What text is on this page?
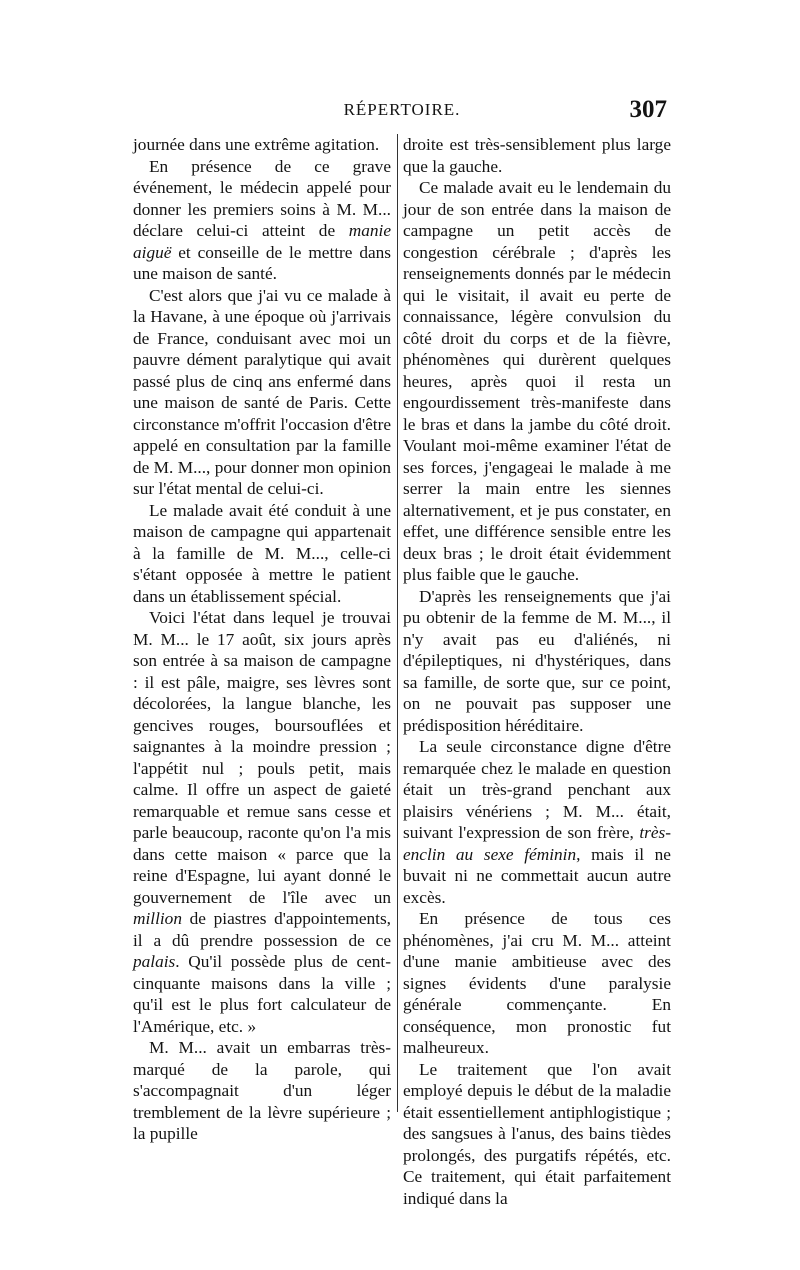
RÉPERTOIRE.	307

journée dans une extrême agitation.

En présence de ce grave événement, le médecin appelé pour donner les premiers soins à M. M... déclare celui-ci atteint de manie aiguë et conseille de le mettre dans une maison de santé.

C'est alors que j'ai vu ce malade à la Havane, à une époque où j'arrivais de France, conduisant avec moi un pauvre dément paralytique qui avait passé plus de cinq ans enfermé dans une maison de santé de Paris. Cette circonstance m'offrit l'occasion d'être appelé en consultation par la famille de M. M..., pour donner mon opinion sur l'état mental de celui-ci.

Le malade avait été conduit à une maison de campagne qui appartenait à la famille de M. M..., celle-ci s'étant opposée à mettre le patient dans un établissement spécial.

Voici l'état dans lequel je trouvai M. M... le 17 août, six jours après son entrée à sa maison de campagne : il est pâle, maigre, ses lèvres sont décolorées, la langue blanche, les gencives rouges, boursouflées et saignantes à la moindre pression ; l'appétit nul ; pouls petit, mais calme. Il offre un aspect de gaieté remarquable et remue sans cesse et parle beaucoup, raconte qu'on l'a mis dans cette maison « parce que la reine d'Espagne, lui ayant donné le gouvernement de l'île avec un million de piastres d'appointements, il a dû prendre possession de ce palais. Qu'il possède plus de cent-cinquante maisons dans la ville ; qu'il est le plus fort calculateur de l'Amérique, etc. »

M. M... avait un embarras très-marqué de la parole, qui s'accompagnait d'un léger tremblement de la lèvre supérieure ; la pupille

droite est très-sensiblement plus large que la gauche.

Ce malade avait eu le lendemain du jour de son entrée dans la maison de campagne un petit accès de congestion cérébrale ; d'après les renseignements donnés par le médecin qui le visitait, il avait eu perte de connaissance, légère convulsion du côté droit du corps et de la fièvre, phénomènes qui durèrent quelques heures, après quoi il resta un engourdissement très-manifeste dans le bras et dans la jambe du côté droit. Voulant moi-même examiner l'état de ses forces, j'engageai le malade à me serrer la main entre les siennes alternativement, et je pus constater, en effet, une différence sensible entre les deux bras ; le droit était évidemment plus faible que le gauche.

D'après les renseignements que j'ai pu obtenir de la femme de M. M..., il n'y avait pas eu d'aliénés, ni d'épileptiques, ni d'hystériques, dans sa famille, de sorte que, sur ce point, on ne pouvait pas supposer une prédisposition héréditaire.

La seule circonstance digne d'être remarquée chez le malade en question était un très-grand penchant aux plaisirs vénériens ; M. M... était, suivant l'expression de son frère, très-enclin au sexe féminin, mais il ne buvait ni ne commettait aucun autre excès.

En présence de tous ces phénomènes, j'ai cru M. M... atteint d'une manie ambitieuse avec des signes évidents d'une paralysie générale commençante. En conséquence, mon pronostic fut malheureux.

Le traitement que l'on avait employé depuis le début de la maladie était essentiellement antiphlogistique ; des sangsues à l'anus, des bains tièdes prolongés, des purgatifs répétés, etc. Ce traitement, qui était parfaitement indiqué dans la
